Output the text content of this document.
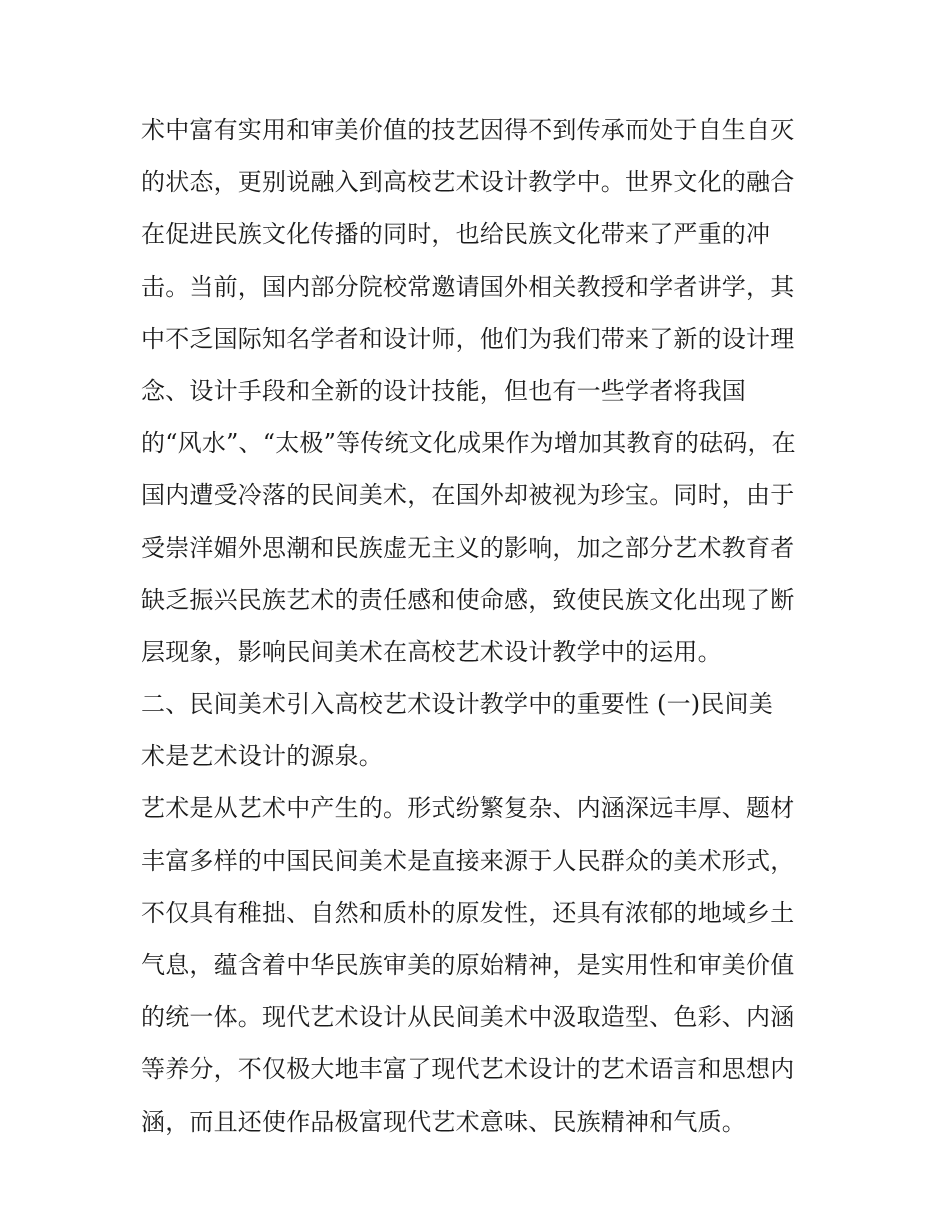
术中富有实用和审美价值的技艺因得不到传承而处于自生自灭
的状态，更别说融入到高校艺术设计教学中。世界文化的融合
在促进民族文化传播的同时，也给民族文化带来了严重的冲
击。当前，国内部分院校常邀请国外相关教授和学者讲学，其
中不乏国际知名学者和设计师，他们为我们带来了新的设计理
念、设计手段和全新的设计技能，但也有一些学者将我国
的“风水”、“太极”等传统文化成果作为增加其教育的砝码，在
国内遭受冷落的民间美术，在国外却被视为珍宝。同时，由于
受崇洋媚外思潮和民族虚无主义的影响，加之部分艺术教育者
缺乏振兴民族艺术的责任感和使命感，致使民族文化出现了断
层现象，影响民间美术在高校艺术设计教学中的运用。
二、民间美术引入高校艺术设计教学中的重要性 (一)民间美
术是艺术设计的源泉。
艺术是从艺术中产生的。形式纷繁复杂、内涵深远丰厚、题材
丰富多样的中国民间美术是直接来源于人民群众的美术形式，
不仅具有稚拙、自然和质朴的原发性，还具有浓郁的地域乡土
气息，蕴含着中华民族审美的原始精神，是实用性和审美价值
的统一体。现代艺术设计从民间美术中汲取造型、色彩、内涵
等养分，不仅极大地丰富了现代艺术设计的艺术语言和思想内
涵，而且还使作品极富现代艺术意味、民族精神和气质。
